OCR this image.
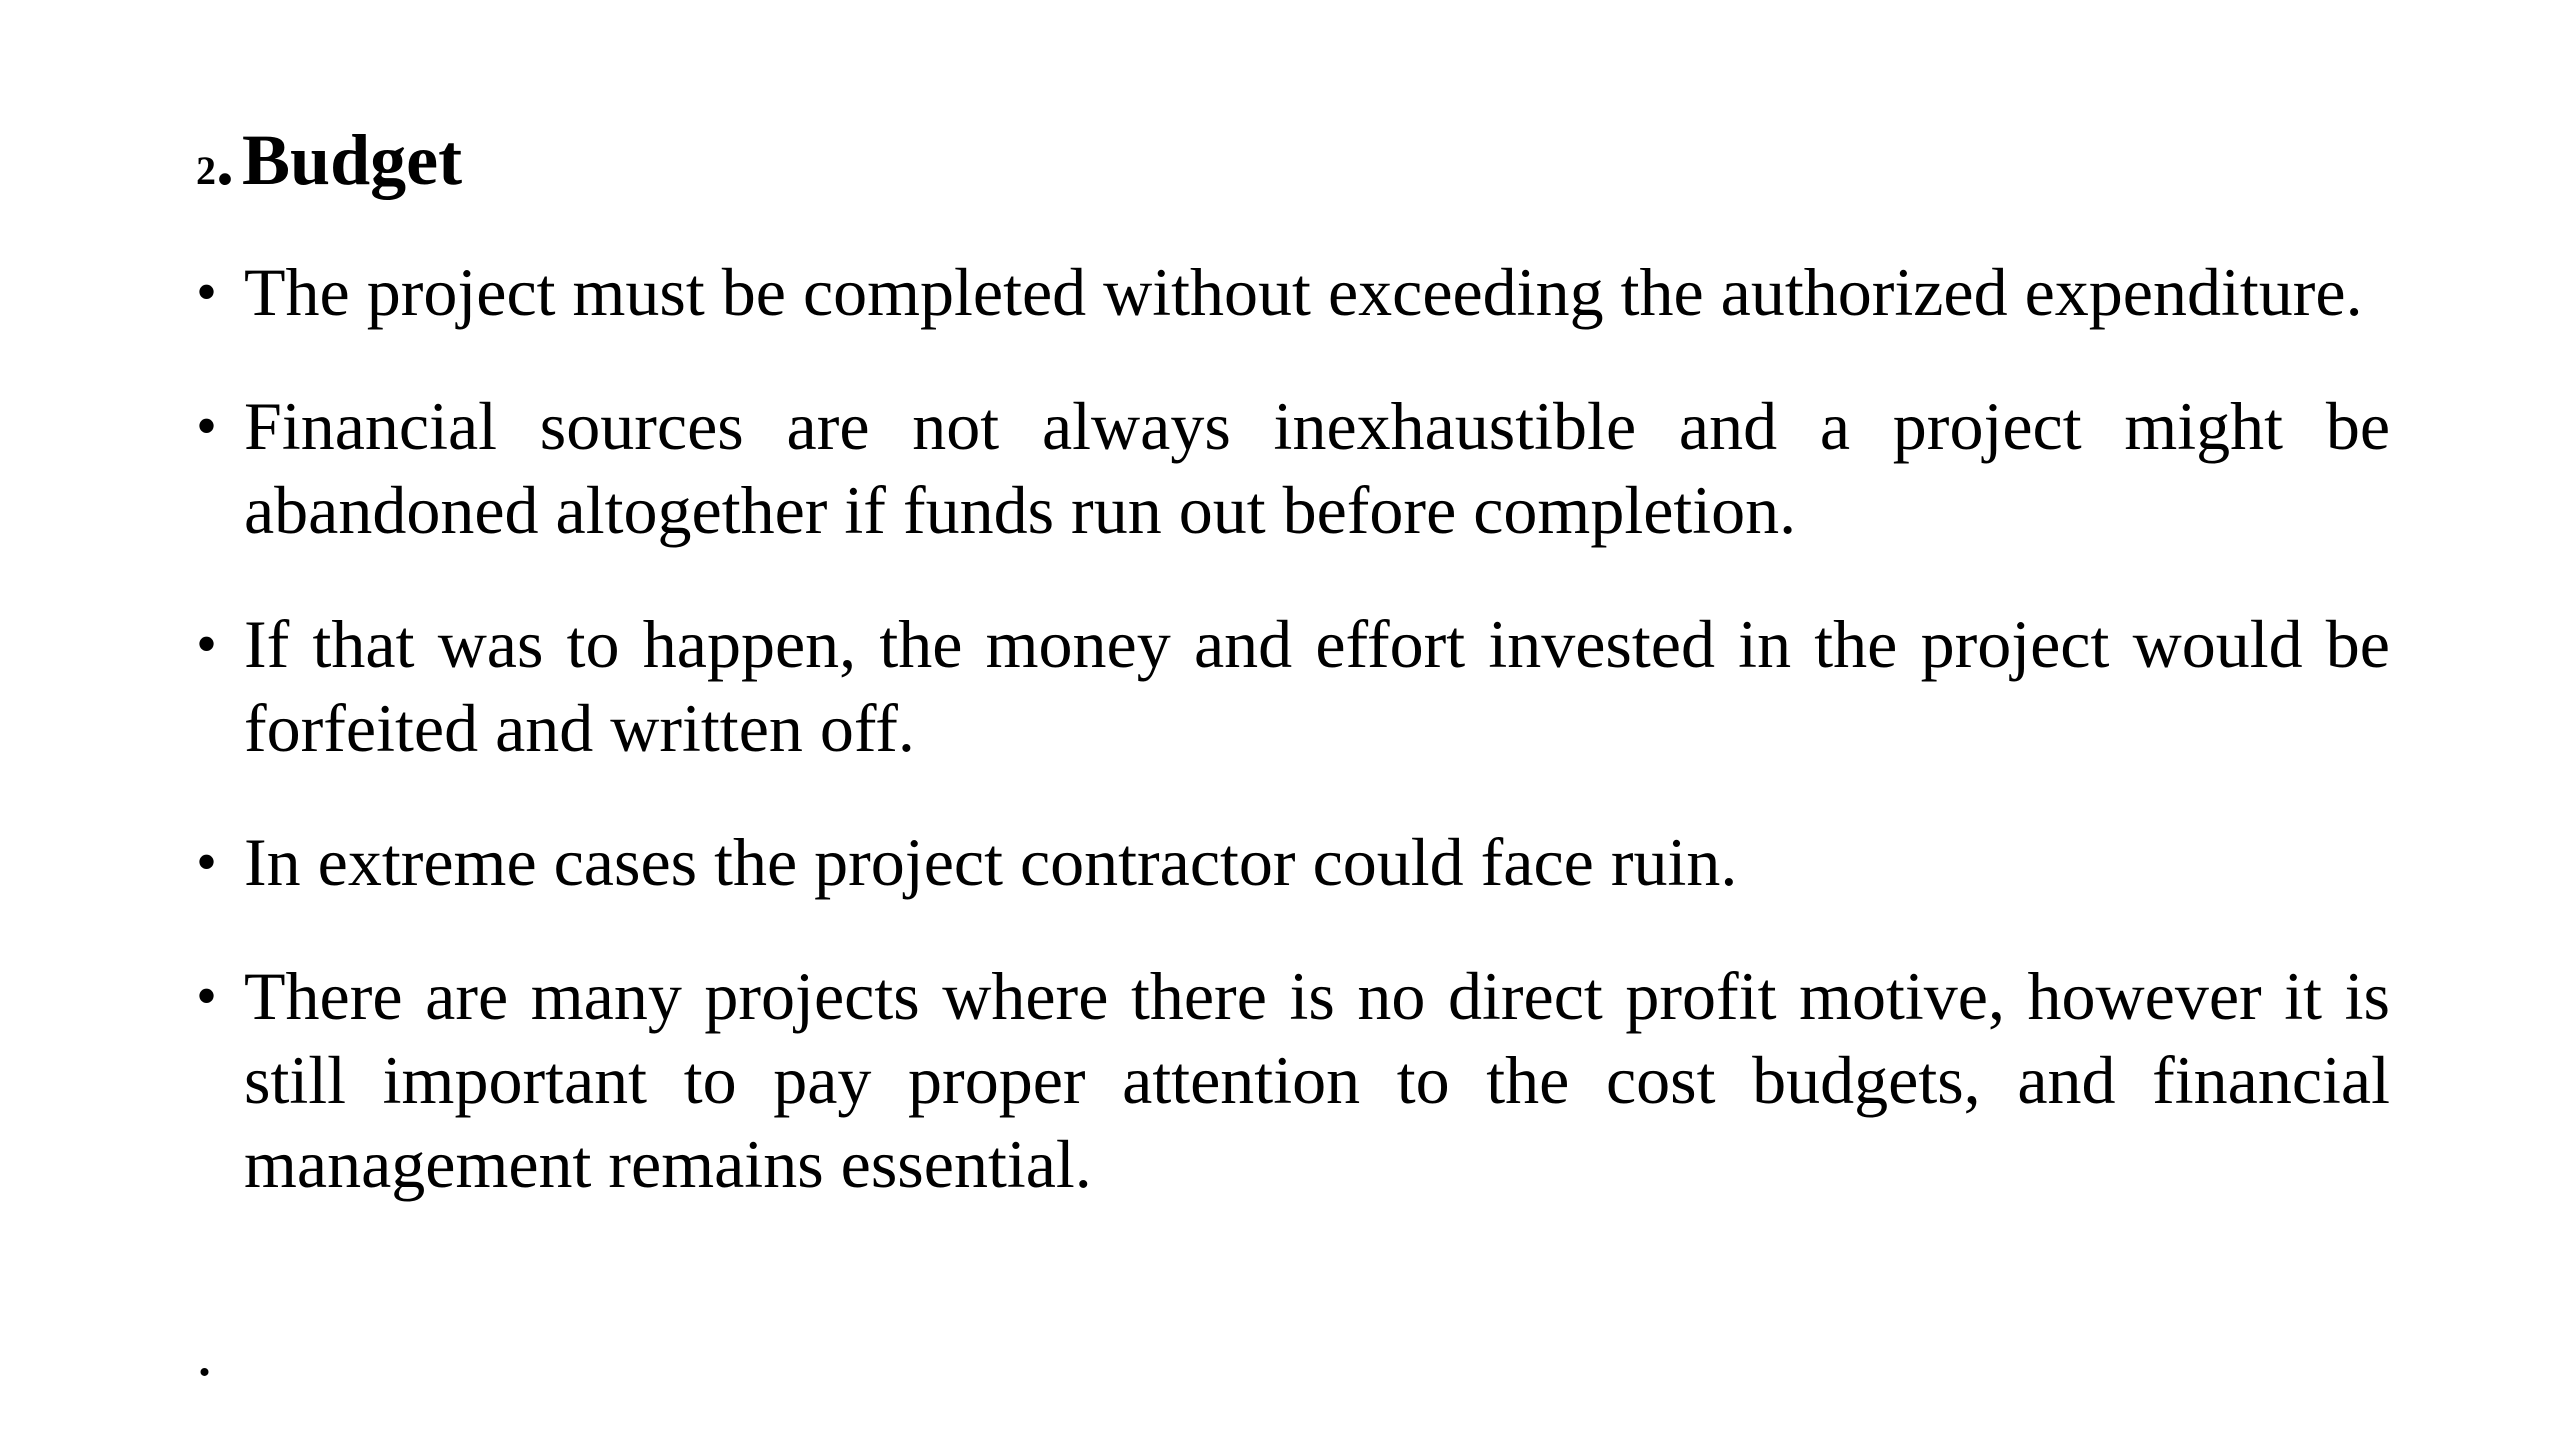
2. Budget
• The project must be completed without exceeding the authorized expenditure.
• Financial sources are not always inexhaustible and a project might be abandoned altogether if funds run out before completion.
• If that was to happen, the money and effort invested in the project would be forfeited and written off.
• In extreme cases the project contractor could face ruin.
• There are many projects where there is no direct profit motive, however it is still important to pay proper attention to the cost budgets, and financial management remains essential.
.
